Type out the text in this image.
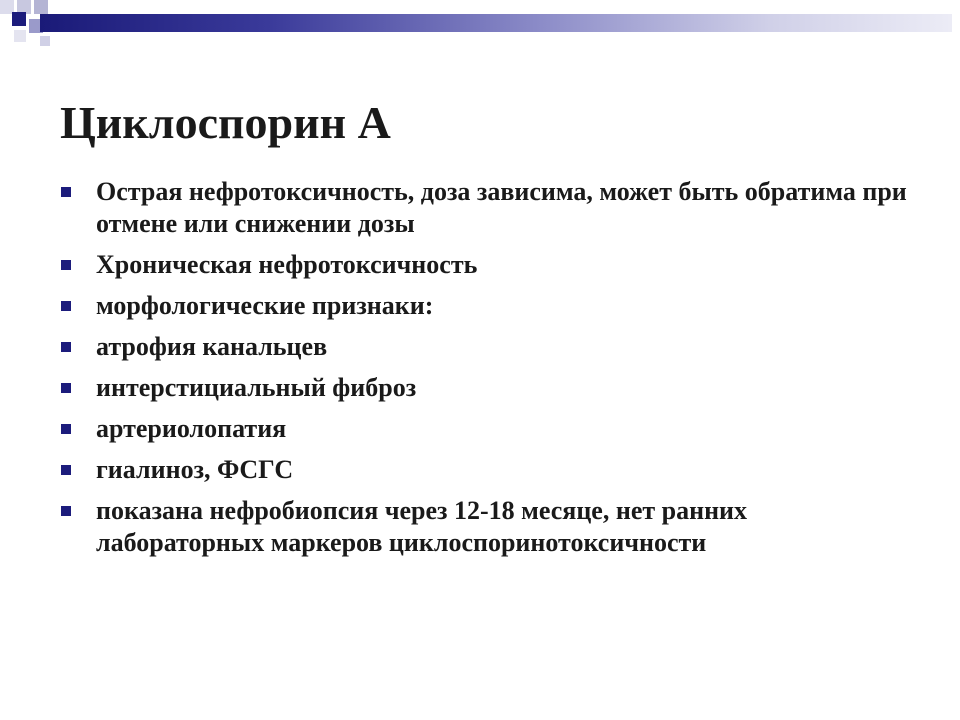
Циклоспорин А
Острая нефротоксичность, доза зависима, может быть обратима при отмене или снижении дозы
Хроническая нефротоксичность
морфологические признаки:
атрофия канальцев
интерстициальный фиброз
артериолопатия
гиалиноз, ФСГС
показана нефробиопсия через 12-18 месяце, нет ранних лабораторных маркеров циклоспоринотоксичности
